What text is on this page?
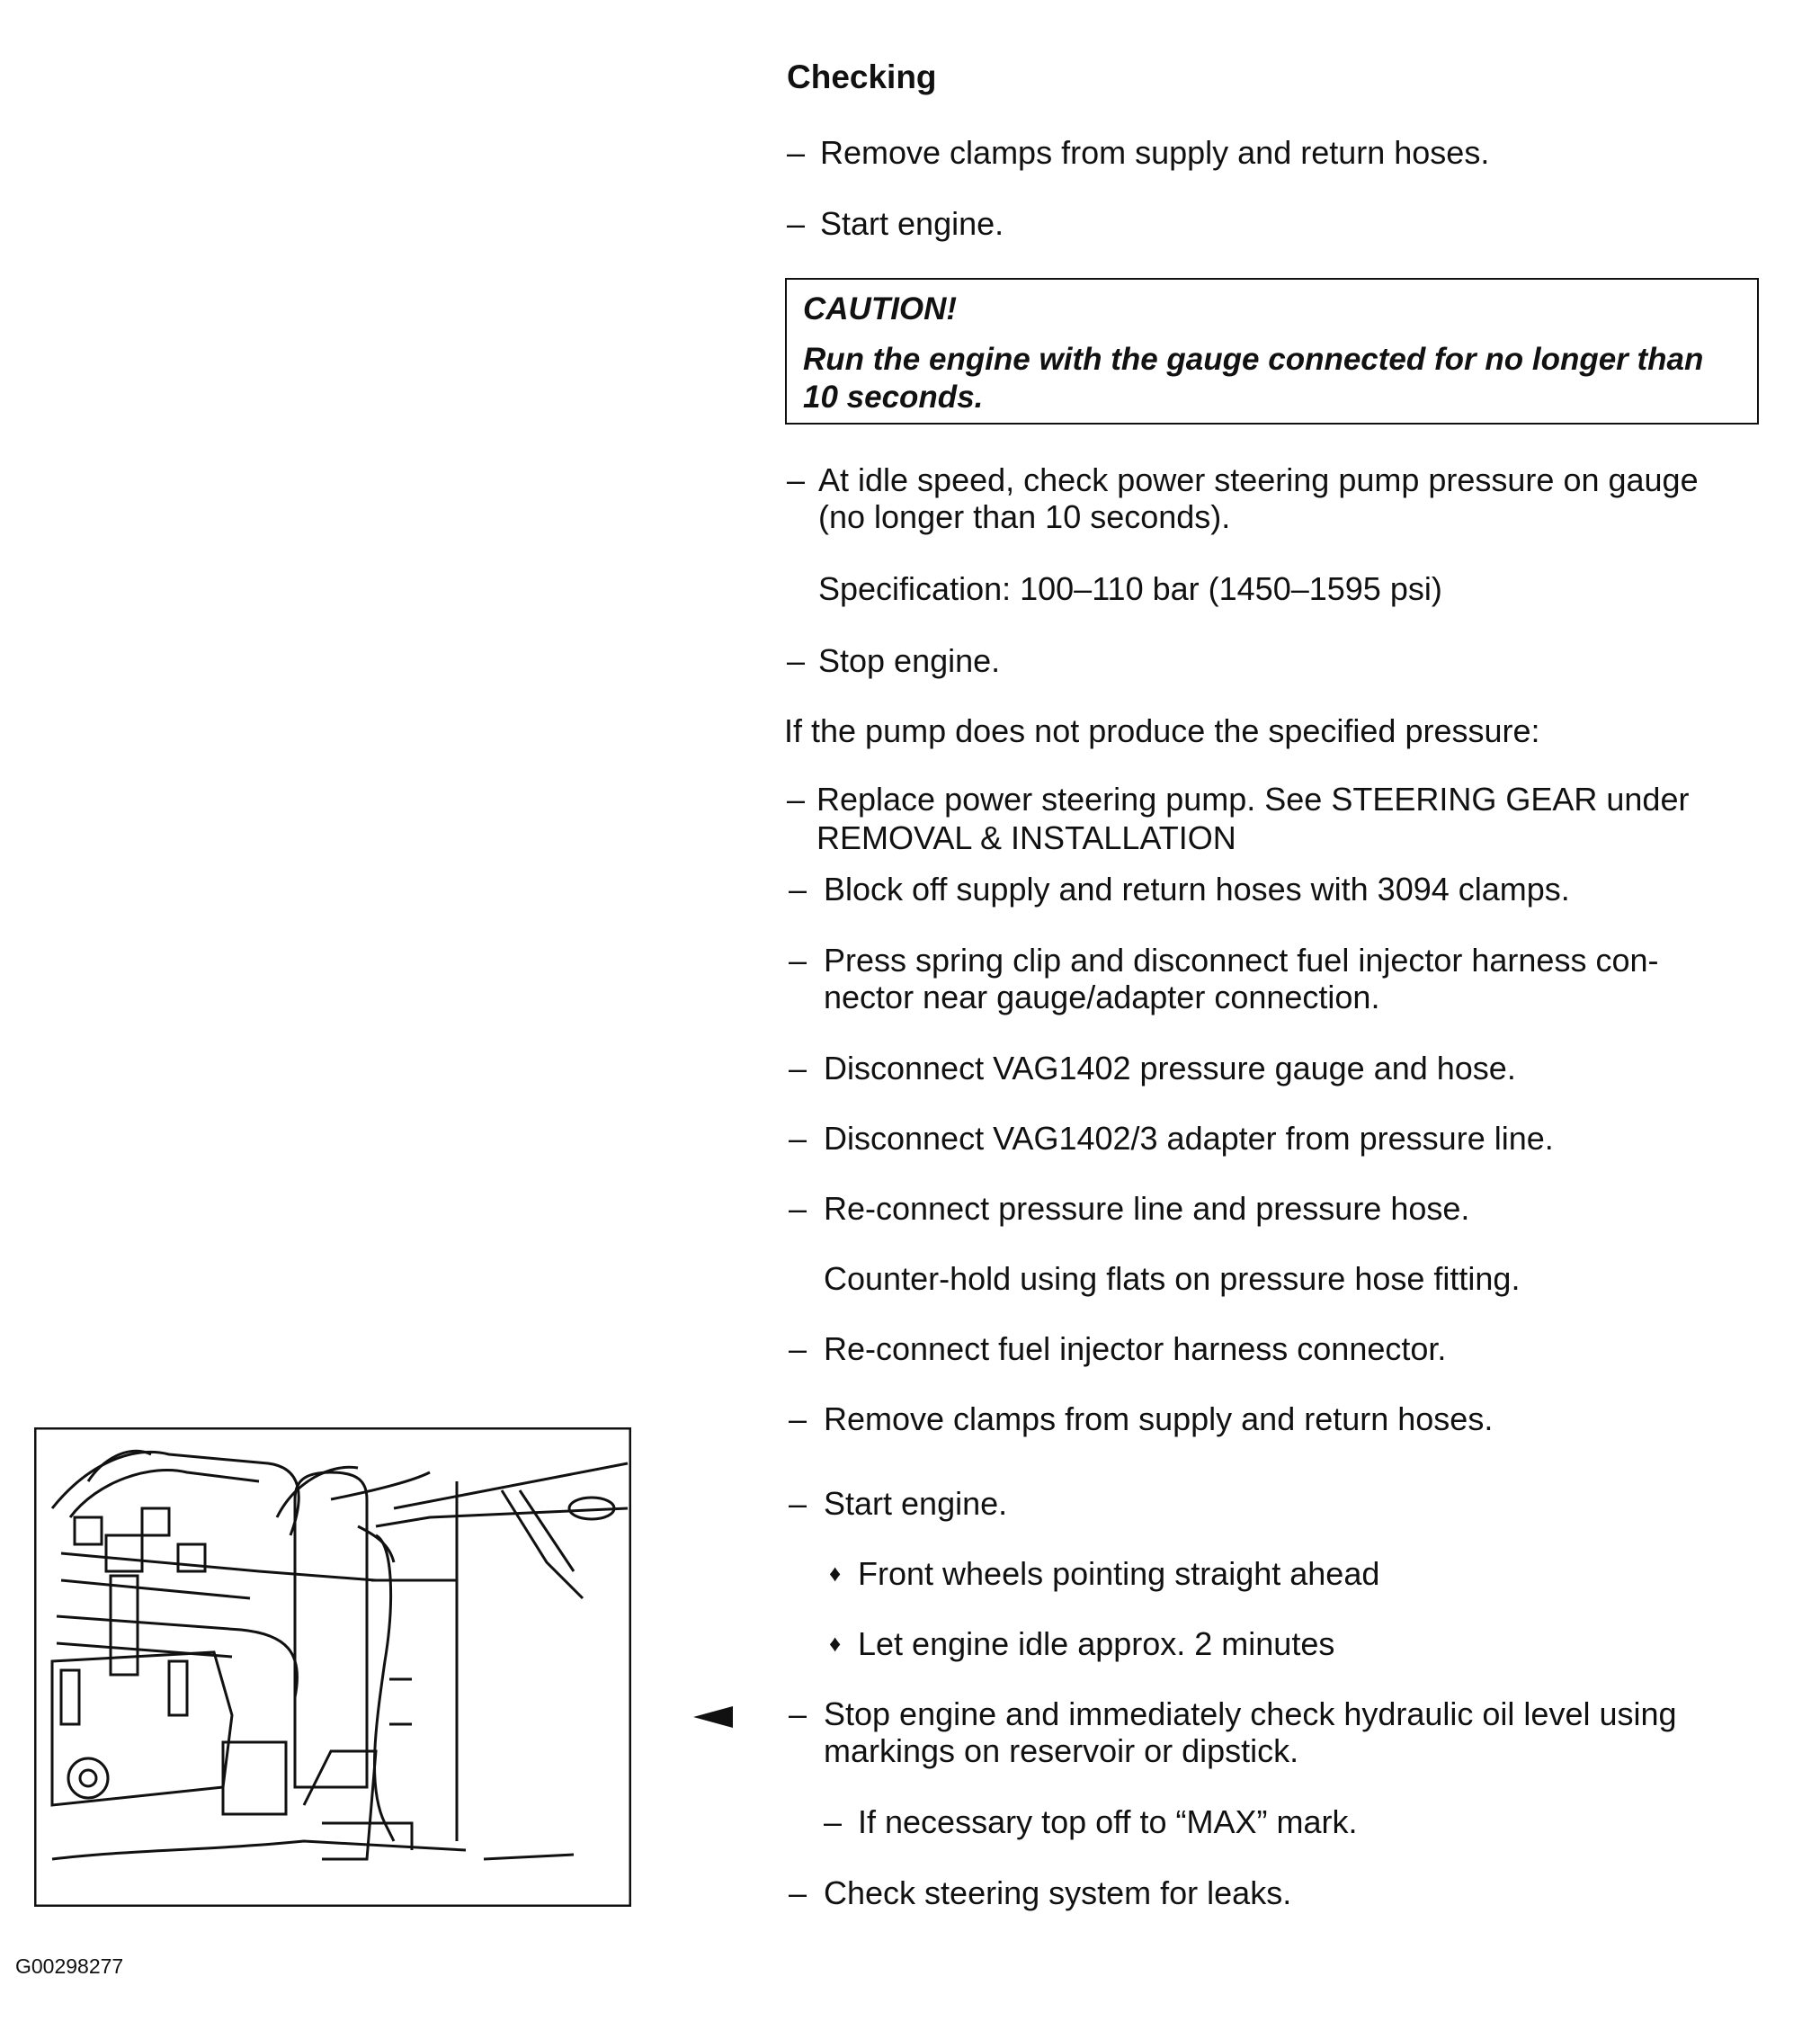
Checking
– Remove clamps from supply and return hoses.

– Start engine.

CAUTION!
Run the engine with the gauge connected for no longer than
10 seconds.
– At idle speed, check power steering pump pressure on gauge

(no longer than 10 seconds).

Specification: 100–110 bar (1450–1595 psi)

– Stop engine.

If the pump does not produce the specified pressure:

– Replace power steering pump. See STEERING GEAR under

REMOVAL & INSTALLATION

– Block off supply and return hoses with 3094 clamps.

– Press spring clip and disconnect fuel injector harness con-

nector near gauge/adapter connection.

– Disconnect VAG1402 pressure gauge and hose.

– Disconnect VAG1402/3 adapter from pressure line.

– Re-connect pressure line and pressure hose.

Counter-hold using flats on pressure hose fitting.

– Re-connect fuel injector harness connector.

– Remove clamps from supply and return hoses.

– Start engine.

♦ Front wheels pointing straight ahead

♦ Let engine idle approx. 2 minutes

– Stop engine and immediately check hydraulic oil level using

markings on reservoir or dipstick.

– If necessary top off to “MAX” mark.

– Check steering system for leaks.

G00298277
